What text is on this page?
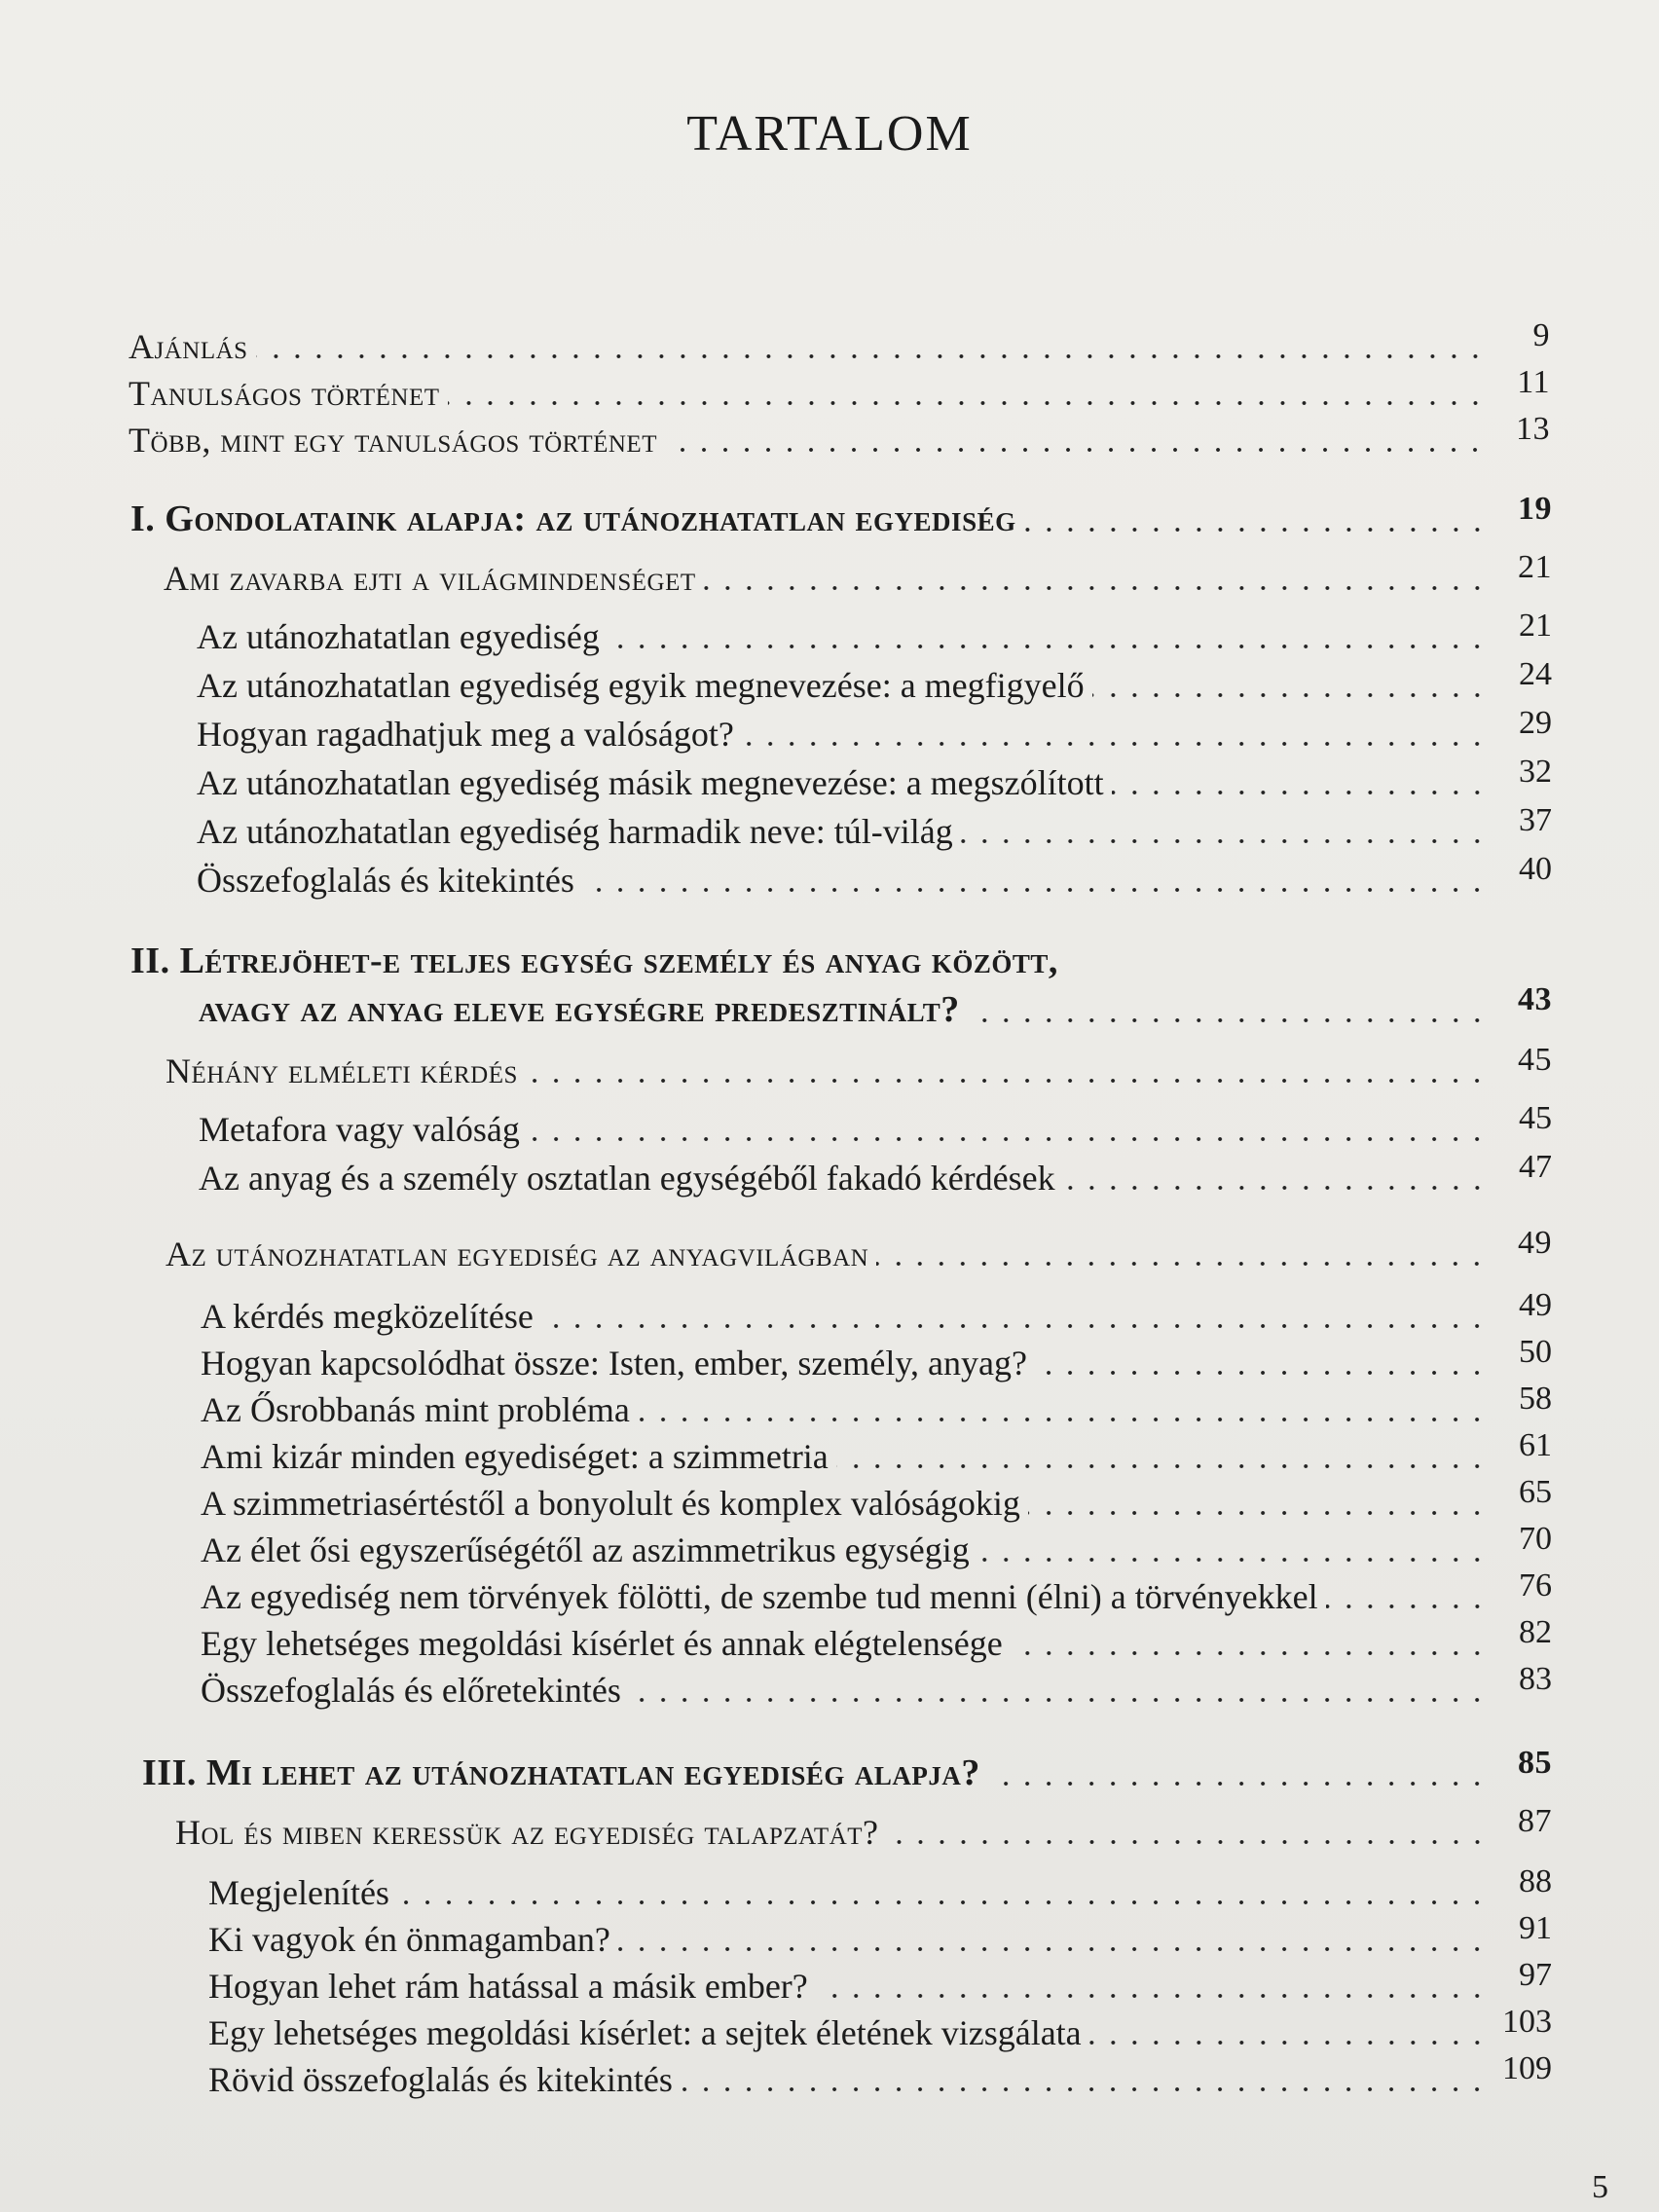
TARTALOM
Ajánlás	9
Tanulságos történet	11
Több, mint egy tanulságos történet	13
I. Gondolataink alapja: az utánozhatatlan egyediség	19
Ami zavarba ejti a világmindenséget	21
Az utánozhatatlan egyediség	21
Az utánozhatatlan egyediség egyik megnevezése: a megfigyelő	24
Hogyan ragadhatjuk meg a valóságot?	29
Az utánozhatatlan egyediség másik megnevezése: a megszólított	32
Az utánozhatatlan egyediség harmadik neve: túl-világ	37
Összefoglalás és kitekintés	40
II. Létrejöhet-e teljes egység személy és anyag között,
avagy az anyag eleve egységre predesztinált?	43
Néhány elméleti kérdés	45
Metafora vagy valóság	45
Az anyag és a személy osztatlan egységéből fakadó kérdések	47
Az utánozhatatlan egyediség az anyagvilágban	49
A kérdés megközelítése	49
Hogyan kapcsolódhat össze: Isten, ember, személy, anyag?	50
Az Ősrobbanás mint probléma	58
Ami kizár minden egyediséget: a szimmetria	61
A szimmetriasértéstől a bonyolult és komplex valóságokig	65
Az élet ősi egyszerűségétől az aszimmetrikus egységig	70
Az egyediség nem törvények fölötti, de szembe tud menni (élni) a törvényekkel	76
Egy lehetséges megoldási kísérlet és annak elégtelensége	82
Összefoglalás és előretekintés	83
III. Mi lehet az utánozhatatlan egyediség alapja?	85
Hol és miben keressük az egyediség talapzatát?	87
Megjelenítés	88
Ki vagyok én önmagamban?	91
Hogyan lehet rám hatással a másik ember?	97
Egy lehetséges megoldási kísérlet: a sejtek életének vizsgálata	103
Rövid összefoglalás és kitekintés	109
5
